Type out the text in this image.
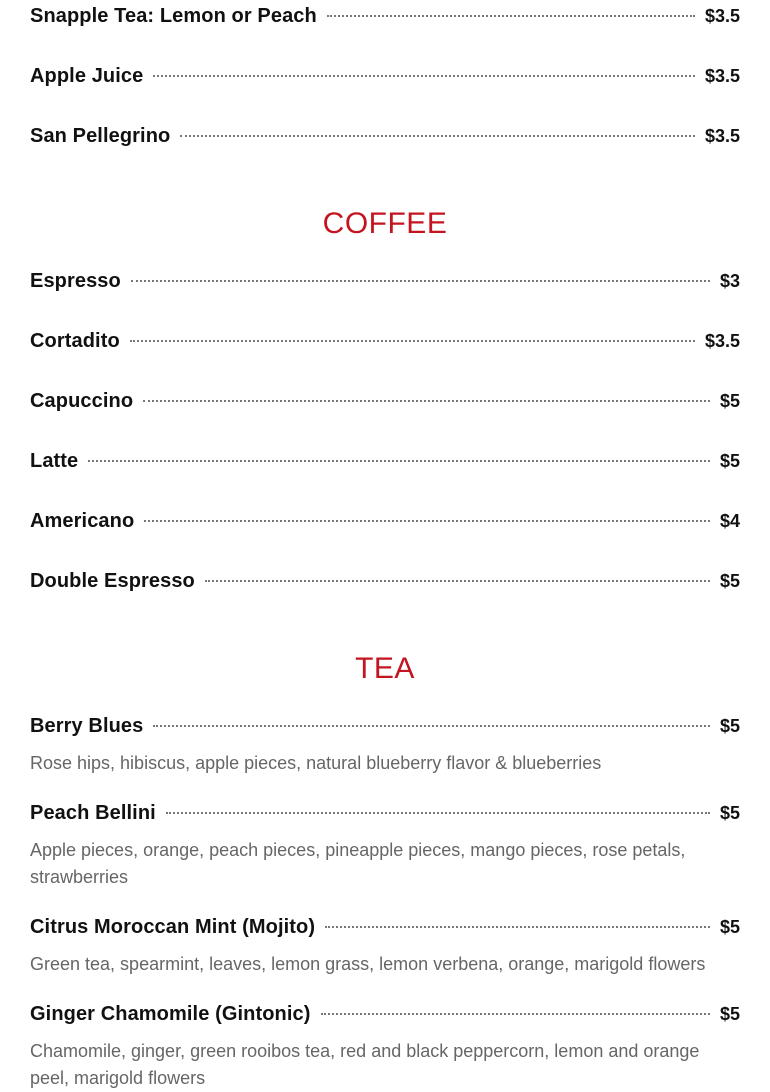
Snapple Tea: Lemon or Peach	$3.5
Apple Juice	$3.5
San Pellegrino	$3.5
COFFEE
Espresso	$3
Cortadito	$3.5
Capuccino	$5
Latte	$5
Americano	$4
Double Espresso	$5
TEA
Berry Blues	$5
Rose hips, hibiscus, apple pieces, natural blueberry flavor & blueberries
Peach Bellini	$5
Apple pieces, orange, peach pieces, pineapple pieces, mango pieces, rose petals, strawberries
Citrus Moroccan Mint (Mojito)	$5
Green tea, spearmint, leaves, lemon grass, lemon verbena, orange, marigold flowers
Ginger Chamomile (Gintonic)	$5
Chamomile, ginger, green rooibos tea, red and black peppercorn, lemon and orange peel, marigold flowers
